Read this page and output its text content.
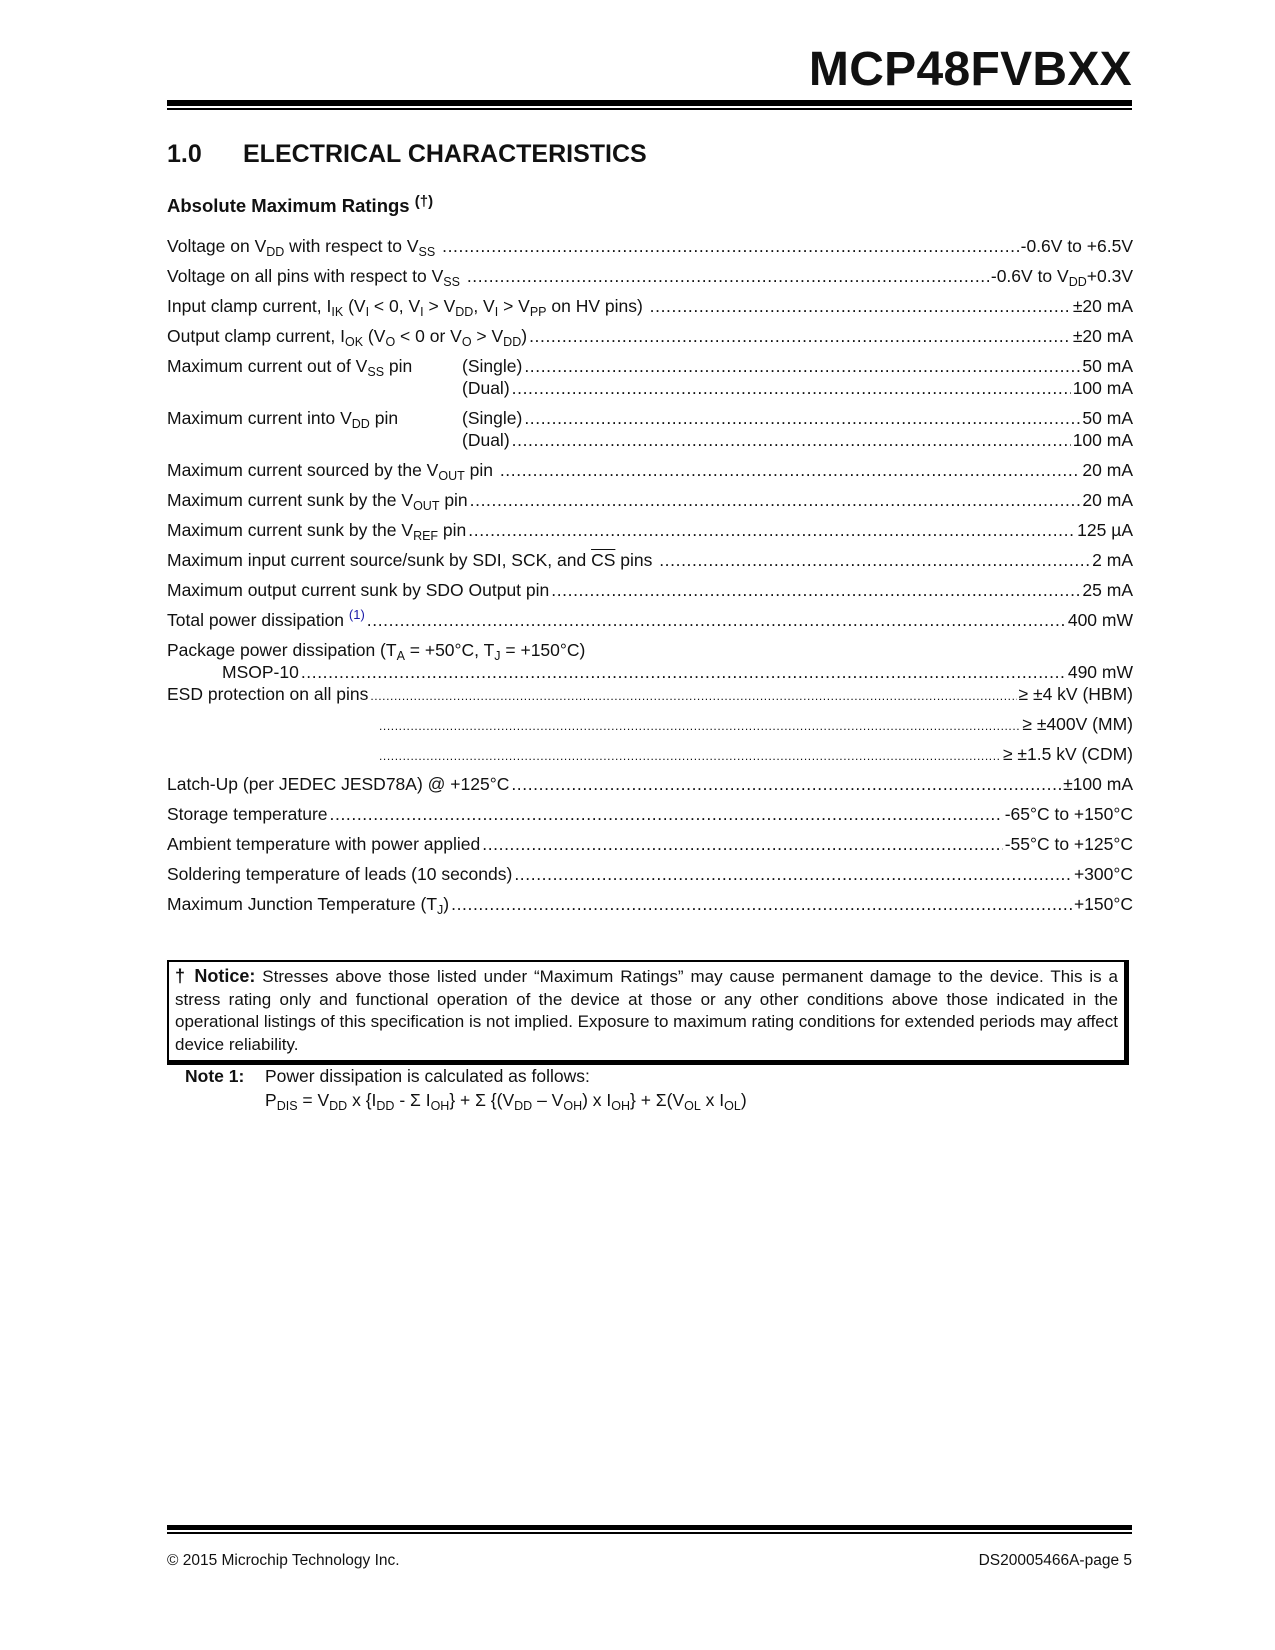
MCP48FVBXX
1.0 ELECTRICAL CHARACTERISTICS
Absolute Maximum Ratings (†)
Voltage on $V_{DD}$ with respect to $V_{SS}$ .....	-0.6V to +6.5V
Voltage on all pins with respect to $V_{SS}$ .....	-0.6V to $V_{DD}+0.3V$
Input clamp current, $I_{IK}$ ($V_I < 0$, $V_I > V_{DD}$, $V_I > V_{PP}$ on HV pins) .....	±20 mA
Output clamp current, $I_{OK}$ ($V_O < 0$ or $V_O > V_{DD}$) .....	±20 mA
Maximum current out of $V_{SS}$ pin	(Single) .....	50 mA
(Dual) .....	100 mA
Maximum current into $V_{DD}$ pin	(Single) .....	50 mA
(Dual) .....	100 mA
Maximum current sourced by the $V_{OUT}$ pin .....	20 mA
Maximum current sunk by the $V_{OUT}$ pin .....	20 mA
Maximum current sunk by the $V_{REF}$ pin .....	125 µA
Maximum input current source/sunk by SDI, SCK, and $\overline{CS}$ pins .....	2 mA
Maximum output current sunk by SDO Output pin .....	25 mA
Total power dissipation $^{(1)}$ .....	400 mW
Package power dissipation ($T_A = +50^\circ C$, $T_J = +150^\circ C$)
MSOP-10 .....	490 mW
ESD protection on all pins .....	≥ ±4 kV (HBM)
.....
≥ ±400V (MM)
.....
≥ ±1.5 kV (CDM)
Latch-Up (per JEDEC JESD78A) @ +125°C .....	±100 mA
Storage temperature .....	-65°C to +150°C
Ambient temperature with power applied .....	-55°C to +125°C
Soldering temperature of leads (10 seconds) .....	+300°C
Maximum Junction Temperature $(T_J)$ .....	+150°C
† Notice: Stresses above those listed under “Maximum Ratings” may cause permanent damage to the device. This is a stress rating only and functional operation of the device at those or any other conditions above those indicated in the operational listings of this specification is not implied. Exposure to maximum rating conditions for extended periods may affect device reliability.
Note 1: Power dissipation is calculated as follows:
$P_{DIS} = V_{DD}$ x {$I_{DD}$ - Σ $I_{OH}\} + \Sigma$ {$(V_{DD} - V_{OH})$ x $I_{OH}\} + \Sigma(V_{OL}$ x $I_{OL}$)
© 2015 Microchip Technology Inc.	DS20005466A-page 5
